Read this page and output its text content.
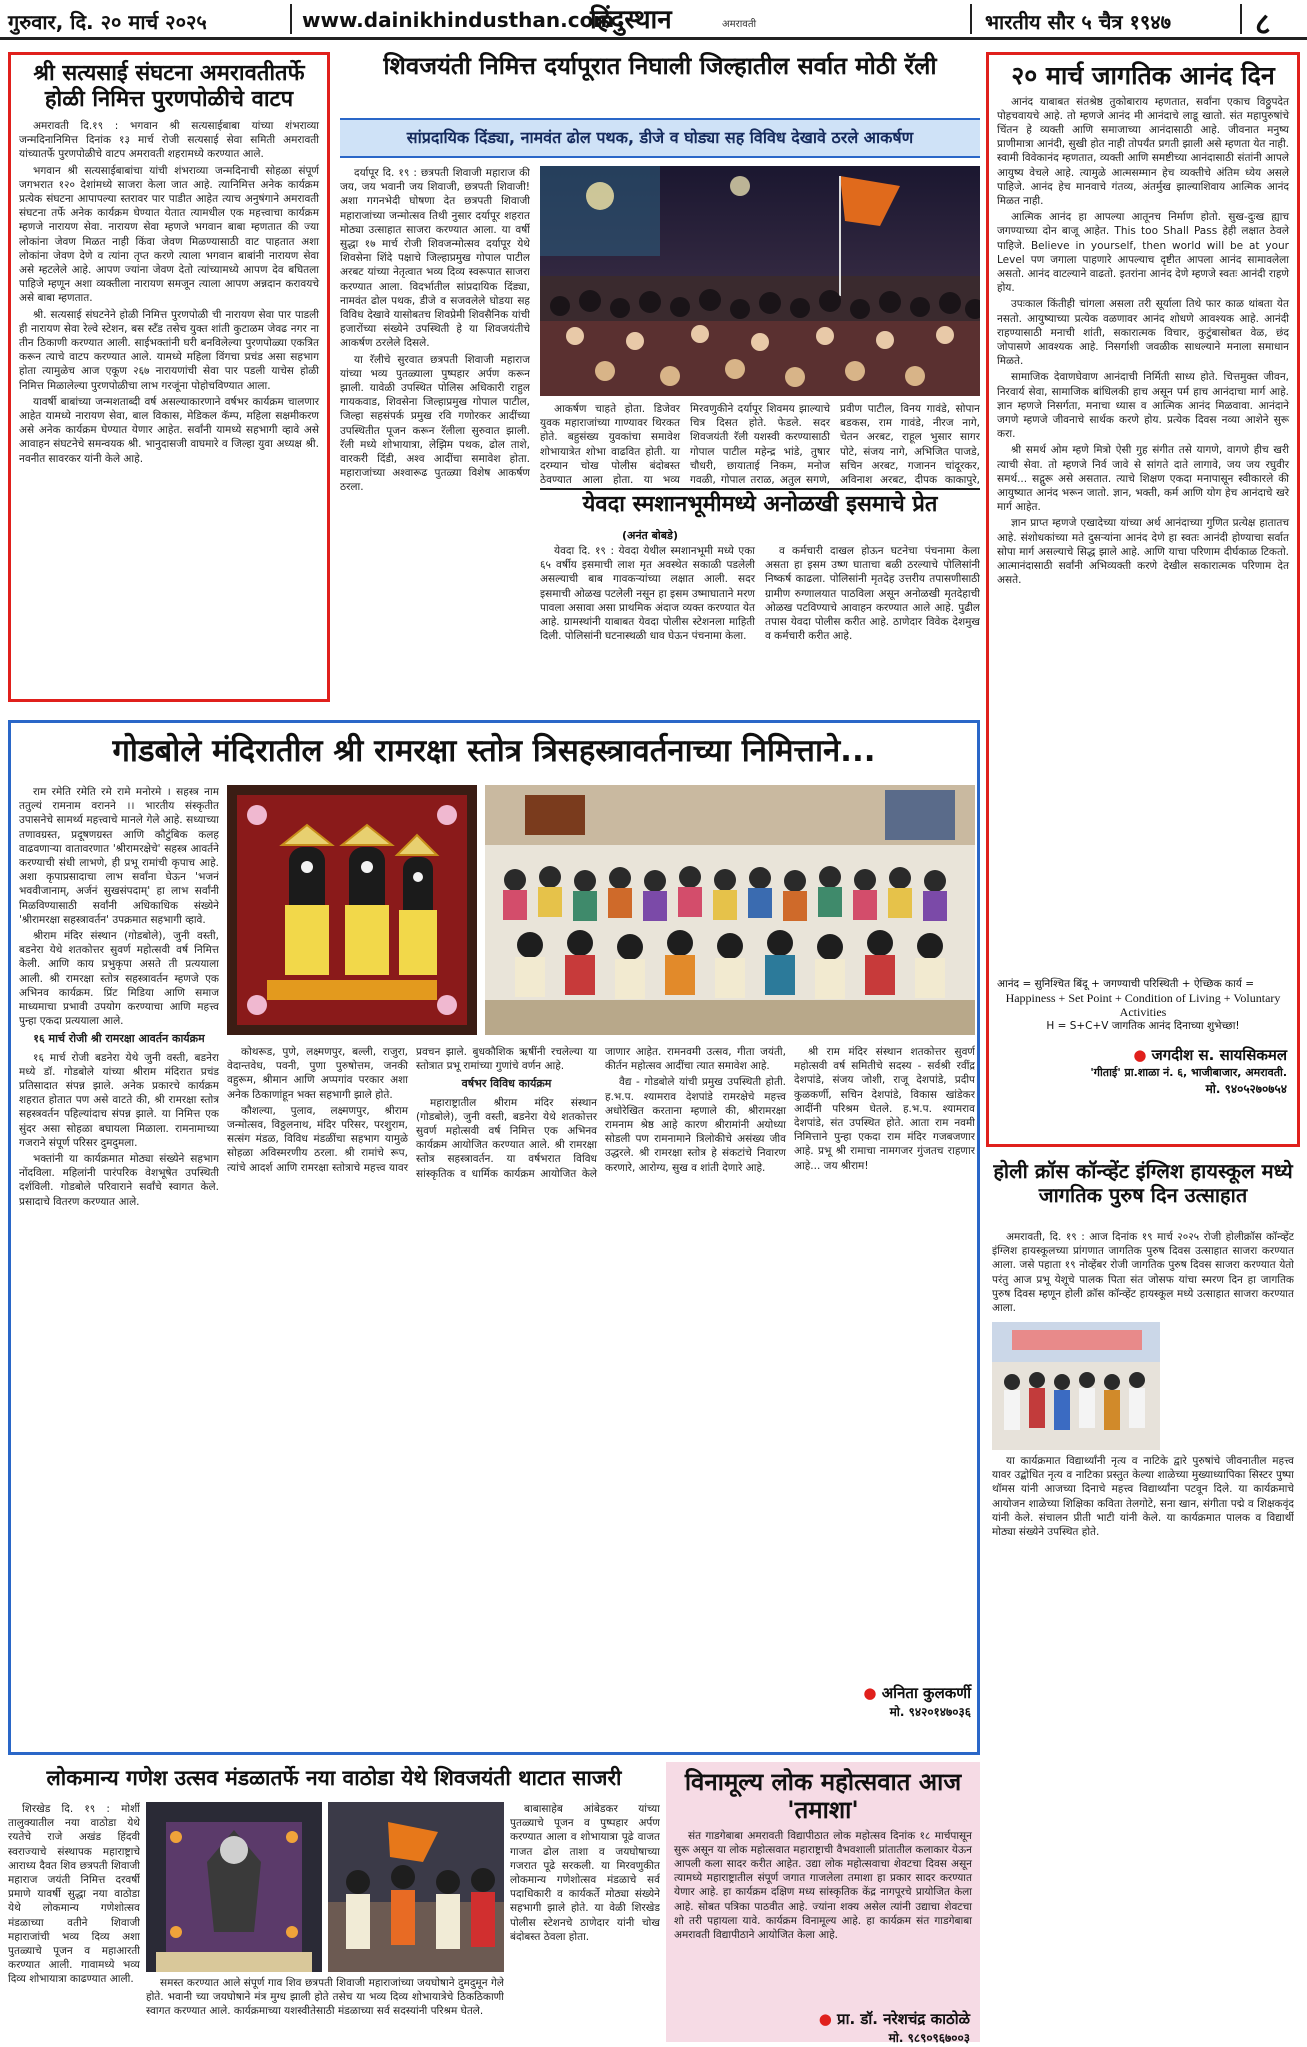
गुरुवार, दि. २० मार्च २०२५	www.dainikhindusthan.com
हिंदुस्थान	अमरावती	भारतीय सौर ५ चैत्र १९४७	८
श्री सत्यसाई संघटना अमरावतीतर्फे होळी निमित्त पुरणपोळीचे वाटप

अमरावती दि.१९ : भगवान श्री सत्यसाईबाबा यांच्या शंभराव्या जन्मदिनानिमित्त दिनांक १३ मार्च रोजी सत्यसाई सेवा समिती अमरावती यांच्यातर्फे पुरणपोळीचे वाटप अमरावती शहरामध्ये करण्यात आले.

भगवान श्री सत्यसाईबाबांचा यांची शंभराव्या जन्मदिनाची सोहळा संपूर्ण जगभरात १२० देशांमध्ये साजरा केला जात आहे. त्यानिमित्त अनेक कार्यक्रम प्रत्येक संघटना आपापल्या स्तरावर पार पाडीत आहेत त्याच अनुषंगाने अमरावती संघटना तर्फे अनेक कार्यक्रम घेण्यात येतात त्यामधील एक महत्त्वाचा कार्यक्रम म्हणजे नारायण सेवा. नारायण सेवा म्हणजे भगवान बाबा म्हणतात की ज्या लोकांना जेवण मिळत नाही किंवा जेवण मिळण्यासाठी वाट पाहतात अशा लोकांना जेवण देणे व त्यांना तृप्त करणे त्याला भगवान बाबांनी नारायण सेवा असे म्हटलेले आहे. आपण ज्यांना जेवण देतो त्यांच्यामध्ये आपण देव बघितला पाहिजे म्हणून अशा व्यक्तीला नारायण समजून त्याला आपण अन्नदान करावयचे असे बाबा म्हणतात.

श्री. सत्यसाई संघटनेने होळी निमित्त पुरणपोळी ची नारायण सेवा पार पाडली ही नारायण सेवा रेल्वे स्टेशन, बस स्टँड तसेच युक्त शांती कुटाळम जेवढ नगर ना तीन ठिकाणी करण्यात आली. साईभक्तांनी घरी बनविलेल्या पुरणपोळ्या एकत्रित करून त्याचे वाटप करण्यात आले. यामध्ये महिला विंगचा प्रचंड असा सहभाग होता त्यामुळेच आज एकूण २६७ नारायणांची सेवा पार पडली याचेस होळी निमित्त मिळालेल्या पुरणपोळीचा लाभ गरजूंना पोहोचविण्यात आला.

यावर्षी बाबांच्या जन्मशताब्दी वर्ष असल्याकारणाने वर्षभर कार्यक्रम चालणार आहेत यामध्ये नारायण सेवा, बाल विकास, मेडिकल कॅम्प, महिला सक्षमीकरण असे अनेक कार्यक्रम घेण्यात येणार आहेत. सर्वांनी यामध्ये सहभागी व्हावे असे आवाहन संघटनेचे समन्वयक श्री. भानुदासजी वाघमारे व जिल्हा युवा अध्यक्ष श्री. नवनीत सावरकर यांनी केले आहे.

शिवजयंती निमित्त दर्यापूरात निघाली जिल्हातील सर्वात मोठी रॅली
सांप्रदायिक दिंड्या, नामवंत ढोल पथक, डीजे व घोड्या सह विविध देखावे ठरले आकर्षण

दर्यापूर दि. १९ : छत्रपती शिवाजी महाराज की जय, जय भवानी जय शिवाजी, छत्रपती शिवाजी! अशा गगनभेदी घोषणा देत छत्रपती शिवाजी महाराजांच्या जन्मोत्सव तिथी नुसार दर्यापूर शहरात मोठ्या उत्साहात साजरा करण्यात आला. या वर्षी सुद्धा १७ मार्च रोजी शिवजन्मोत्सव दर्यापूर येथे शिवसेना शिंदे पक्षाचे जिल्हाप्रमुख गोपाल पाटील अरबट यांच्या नेतृत्वात भव्य दिव्य स्वरूपात साजरा करण्यात आला. विदर्भातील सांप्रदायिक दिंड्या, नामवंत ढोल पथक, डीजे व सजवलेले घोडया सह विविध देखावे यासोबतच शिवप्रेमी शिवसैनिक यांची हजारोंच्या संख्येने उपस्थिती हे या शिवजयंतीचे आकर्षण ठरलेले दिसले.

या रॅलीचे सुरवात छत्रपती शिवाजी महाराज यांच्या भव्य पुतळ्याला पुष्पहार अर्पण करून झाली. यावेळी उपस्थित पोलिस अधिकारी राहुल गायकवाड, शिवसेना जिल्हाप्रमुख गोपाल पाटील, जिल्हा सहसंपर्क प्रमुख रवि गणोरकर आदींच्या उपस्थितीत पूजन करून रॅलीला सुरुवात झाली. रॅली मध्ये शोभायात्रा, लेझिम पथक, ढोल ताशे, वारकरी दिंडी, अश्व आदींचा समावेश होता. महाराजांच्या अश्वारूढ पुतळ्या विशेष आकर्षण ठरला.

आकर्षण चाहते होता. डिजेवर युवक महाराजांच्या गाण्यावर थिरकत होते. बहुसंख्य युवकांचा समावेश शोभायात्रेत शोभा वाढवित होती. या दरम्यान चोख पोलीस बंदोबस्त ठेवण्यात आला होता. या भव्य मिरवणुकीने दर्यापूर शिवमय झाल्याचे चित्र दिसत होते. फेडले. सदर शिवजयंती रॅली यशस्वी करण्यासाठी गोपाल पाटील महेन्द्र भांडे, तुषार चौधरी, छायाताई निकम, मनोज गवळी, गोपाल तराळ, अतुल सगणे, प्रवीण पाटील, विनय गावंडे, सोपान बडकस, राम गावंडे, नीरज नागे, चेतन अरबट, राहूल भुसार सागर पोटे, संजय नागे, अभिजित पाजडे, सचिन अरबट, गजानन चांदूरकर, अविनाश अरबट, दीपक काकापुरे,

येवदा स्मशानभूमीमध्ये अनोळखी इसमाचे प्रेत
(अनंत बोबडे)

येवदा दि. १९ : येवदा येथील स्मशानभूमी मध्ये एका ६५ वर्षीय इसमाची लाश मृत अवस्थेत सकाळी पडलेली असल्याची बाब गावकऱ्यांच्या लक्षात आली. सदर इसमाची ओळख पटलेली नसून हा इसम उष्माघाताने मरण पावला असावा असा प्राथमिक अंदाज व्यक्त करण्यात येत आहे. ग्रामस्थांनी याबाबत येवदा पोलीस स्टेशनला माहिती दिली. पोलिसांनी घटनास्थळी धाव घेऊन पंचनामा केला.

व कर्मचारी दाखल होऊन घटनेचा पंचनामा केला असता हा इसम उष्ण घाताचा बळी ठरल्याचे पोलिसांनी निष्कर्ष काढला. पोलिसांनी मृतदेह उत्तरीय तपासणीसाठी ग्रामीण रुग्णालयात पाठविला असून अनोळखी मृतदेहाची ओळख पटविण्याचे आवाहन करण्यात आले आहे. पुढील तपास येवदा पोलीस करीत आहे. ठाणेदार विवेक देशमुख व कर्मचारी करीत आहे.

२० मार्च जागतिक आनंद दिन

आनंद याबाबत संतश्रेष्ठ तुकोबाराय म्हणतात, सर्वांना एकाच विठ्ठुपदेत पोहचवायचे आहे. तो म्हणजे आनंद मी आनंदाचे लाडू खातो. संत महापुरुषांचे चिंतन हे व्यक्ती आणि समाजाच्या आनंदासाठी आहे. जीवनात मनुष्य प्राणीमात्रा आनंदी, सुखी होत नाही तोपर्यंत प्रगती झाली असे म्हणता येत नाही. स्वामी विवेकानंद म्हणतात, व्यक्ती आणि समष्टीच्या आनंदासाठी संतांनी आपले आयुष्य वेचले आहे. त्यामुळे आत्मसम्मान हेच व्यक्तीचे अंतिम ध्येय असले पाहिजे. आनंद हेच मानवाचे गंतव्य, अंतर्मुख झाल्याशिवाय आत्मिक आनंद मिळत नाही.

आत्मिक आनंद हा आपल्या आतूनच निर्माण होतो. सुख-दुःख ह्याच जगण्याच्या दोन बाजू आहेत. This too Shall Pass हेही लक्षात ठेवले पाहिजे. Believe in yourself, then world will be at your Level पण जगाला पाहणारे आपल्याच दृष्टीत आपला आनंद सामावलेला असतो. आनंद वाटल्याने वाढतो. इतरांना आनंद देणे म्हणजे स्वतः आनंदी राहणे होय.

उपःकाल किंतीही चांगला असला तरी सूर्याला तिथे फार काळ थांबता येत नसतो. आयुष्याच्या प्रत्येक वळणावर आनंद शोधणे आवश्यक आहे. आनंदी राहण्यासाठी मनाची शांती, सकारात्मक विचार, कुटुंबासोबत वेळ, छंद जोपासणे आवश्यक आहे. निसर्गाशी जवळीक साधल्याने मनाला समाधान मिळते.

सामाजिक देवाणघेवाण आनंदाची निर्मिती साध्य होते. चित्तमुक्त जीवन, निरवार्य सेवा, सामाजिक बांधिलकी हाच असून पर्म हाच आनंदाचा मार्ग आहे. ज्ञान म्हणजे निसर्गता, मनाचा ध्यास व आत्मिक आनंद मिळवावा. आनंदाने जगणे म्हणजे जीवनाचे सार्थक करणे होय. प्रत्येक दिवस नव्या आशेने सुरू करा.

श्री समर्थ ओम म्हणे मित्रो ऐसी गुह संगीत तसे यागणे, वागणे हीच खरी त्याची सेवा. तो म्हणजे निर्व जावे से सांगते दाते लागावे, जय जय रघुवीर समर्थ... सद्गुरू असे असतात. त्याचे शिक्षण एकदा मनापासून स्वीकारले की आयुष्यात आनंद भरून जातो. ज्ञान, भक्ती, कर्म आणि योग हेच आनंदाचे खरे मार्ग आहेत.

ज्ञान प्राप्त म्हणजे एखादेच्या यांच्या अर्थ आनंदाच्या गुणित प्रत्येक्ष हातातच आहे. संशोधकांच्या मते दुसऱ्यांना आनंद देणे हा स्वतः आनंदी होण्याचा सर्वात सोपा मार्ग असल्याचे सिद्ध झाले आहे. आणि याचा परिणाम दीर्घकाळ टिकतो. आत्मानंदासाठी सर्वांनी अभिव्यक्ती करणे देखील सकारात्मक परिणाम देत असते.

आनंद = सुनिश्चित बिंदू + जगण्याची परिस्थिती + ऐच्छिक कार्य =
Happiness + Set Point + Condition of Living + Voluntary Activities
H = S+C+V जागतिक आनंद दिनाच्या शुभेच्छा!
● जगदीश स. सायसिकमल
'गीताई' प्रा.शाळा नं. ६, भाजीबाजार, अमरावती.
मो. ९४०५२७०७५४
गोडबोले मंदिरातील श्री रामरक्षा स्तोत्र त्रिसहस्त्रावर्तनाच्या निमित्ताने...

राम रमेति रमेति रमे रामे मनोरमे । सहस्त्र नाम ततुल्यं रामनाम वरानने ।। भारतीय संस्कृतीत उपासनेचे सामर्थ्य महत्त्वाचे मानले गेले आहे. सध्याच्या तणावग्रस्त, प्रदूषणग्रस्त आणि कौटुंबिक कलह वाढवणाऱ्या वातावरणात 'श्रीरामरक्षेचे' सहस्त्र आवर्तने करण्याची संधी लाभणे, ही प्रभू रामांची कृपाच आहे. अशा कृपाप्रसादाचा लाभ सर्वांना घेऊन 'भजनं भववीजानाम्, अर्जनं सुखसंपदाम्' हा लाभ सर्वांनी मिळविण्यासाठी सर्वांनी अधिकाधिक संख्येने 'श्रीरामरक्षा सहस्त्रावर्तन' उपक्रमात सहभागी व्हावे.

श्रीराम मंदिर संस्थान (गोडबोले), जुनी वस्ती, बडनेरा येथे शतकोत्तर सुवर्ण महोत्सवी वर्ष निमित्त केली. आणि काय प्रभुकृपा असते ती प्रत्ययाला आली. श्री रामरक्षा स्तोत्र सहस्त्रावर्तन म्हणजे एक अभिनव कार्यक्रम. प्रिंट मिडिया आणि समाज माध्यमाचा प्रभावी उपयोग करण्याचा आणि महत्त्व पुन्हा एकदा प्रत्ययाला आले.

१६ मार्च रोजी श्री रामरक्षा आवर्तन कार्यक्रम

१६ मार्च रोजी बडनेरा येथे जुनी वस्ती, बडनेरा मध्ये डॉ. गोडबोले यांच्या श्रीराम मंदिरात प्रचंड प्रतिसादात संपन्न झाले. अनेक प्रकारचे कार्यक्रम शहरात होतात पण असे वाटते की, श्री रामरक्षा स्तोत्र सहस्त्रवर्तन पहिल्यांदाच संपन्न झाले. या निमित्त एक सुंदर असा सोहळा बघायला मिळाला. रामनामाच्या गजराने संपूर्ण परिसर दुमदुमला.

भक्तांनी या कार्यक्रमात मोठ्या संख्येने सहभाग नोंदविला. महिलांनी पारंपरिक वेशभूषेत उपस्थिती दर्शविली. गोडबोले परिवाराने सर्वांचे स्वागत केले. प्रसादाचे वितरण करण्यात आले.

कोथरूड, पुणे, लक्ष्मणपुर, बल्ली, राजुरा, वेदान्तवेध, पवनी, पुणा पुरुषोत्तम, जनकी वहुरूम, श्रीमान आणि अप्पगांव परकार अशा अनेक ठिकाणांहून भक्त सहभागी झाले होते.

कौशल्या, पुलाव, लक्ष्मणपुर, श्रीराम जन्मोत्सव, विठ्ठलनाथ, मंदिर परिसर, परशुराम, सत्संग मंडळ, विविध मंडळींचा सहभाग यामुळे सोहळा अविस्मरणीय ठरला. श्री रामांचे रूप, त्यांचे आदर्श आणि रामरक्षा स्तोत्राचे महत्त्व यावर प्रवचन झाले. बुधकौशिक ऋषींनी रचलेल्या या स्तोत्रात प्रभू रामांच्या गुणांचे वर्णन आहे.

वर्षभर विविध कार्यक्रम

महाराष्ट्रातील श्रीराम मंदिर संस्थान (गोडबोले), जुनी वस्ती, बडनेरा येथे शतकोत्तर सुवर्ण महोत्सवी वर्ष निमित्त एक अभिनव कार्यक्रम आयोजित करण्यात आले. श्री रामरक्षा स्तोत्र सहस्त्रावर्तन. या वर्षभरात विविध सांस्कृतिक व धार्मिक कार्यक्रम आयोजित केले जाणार आहेत. रामनवमी उत्सव, गीता जयंती, कीर्तन महोत्सव आदींचा त्यात समावेश आहे.

वैद्य - गोडबोले यांची प्रमुख उपस्थिती होती. ह.भ.प. श्यामराव देशपांडे रामरक्षेचे महत्त्व अधोरेखित करताना म्हणाले की, श्रीरामरक्षा रामनाम श्रेष्ठ आहे कारण श्रीरामांनी अयोध्या सोडली पण रामनामाने त्रिलोकीचे असंख्य जीव उद्धरले. श्री रामरक्षा स्तोत्र हे संकटांचे निवारण करणारे, आरोग्य, सुख व शांती देणारे आहे.

श्री राम मंदिर संस्थान शतकोत्तर सुवर्ण महोत्सवी वर्ष समितीचे सदस्य - सर्वश्री रवींद्र देशपांडे, संजय जोशी, राजू देशपांडे, प्रदीप कुळकर्णी, सचिन देशपांडे, विकास खांडेकर आदींनी परिश्रम घेतले. ह.भ.प. श्यामराव देशपांडे, संत उपस्थित होते. आता राम नवमी निमित्ताने पुन्हा एकदा राम मंदिर गजबजणार आहे. प्रभू श्री रामाचा नामगजर गुंजतच राहणार आहे... जय श्रीराम!

● अनिता कुलकर्णी
मो. ९४२०१४७०३६
होली क्रॉस कॉन्व्हेंट इंग्लिश हायस्कूल मध्ये जागतिक पुरुष दिन उत्साहात

अमरावती, दि. १९ : आज दिनांक १९ मार्च २०२५ रोजी होलीक्रॉस कॉन्व्हेंट इंग्लिश हायस्कूलच्या प्रांगणात जागतिक पुरुष दिवस उत्साहात साजरा करण्यात आला. जसे पहाता १९ नोव्हेंबर रोजी जागतिक पुरुष दिवस साजरा करण्यात येतो परंतु आज प्रभू येशूचे पालक पिता संत जोसफ यांचा स्मरण दिन हा जागतिक पुरुष दिवस म्हणून होली क्रॉस कॉन्व्हेंट हायस्कूल मध्ये उत्साहात साजरा करण्यात आला.

या कार्यक्रमात विद्यार्थ्यांनी नृत्य व नाटिके द्वारे पुरुषांचे जीवनातील महत्त्व यावर उद्बोधित नृत्य व नाटिका प्रस्तुत केल्या शाळेच्या मुख्याध्यापिका सिस्टर पुष्पा थॉमस यांनी आजच्या दिनाचे महत्त्व विद्यार्थ्यांना पटवून दिले. या कार्यक्रमाचे आयोजन शाळेच्या शिक्षिका कविता तेलगोटे, सना खान, संगीता पद्मे व शिक्षकवृंद यांनी केले. संचालन प्रीती भाटी यांनी केले. या कार्यक्रमात पालक व विद्यार्थी मोठ्या संख्येने उपस्थित होते.

लोकमान्य गणेश उत्सव मंडळातर्फे नया वाठोडा येथे शिवजयंती थाटात साजरी

शिरखेड दि. १९ : मोर्शी तालुक्यातील नया वाठोडा येथे रयतेचे राजे अखंड हिंदवी स्वराज्याचे संस्थापक महाराष्ट्राचे आराध्य दैवत शिव छत्रपती शिवाजी महाराज जयंती निमित्त दरवर्षी प्रमाणे यावर्षी सुद्धा नया वाठोडा येथे लोकमान्य गणेशोत्सव मंडळाच्या वतीने शिवाजी महाराजांची भव्य दिव्य अशा पुतळ्याचे पूजन व महाआरती करण्यात आली. गावामध्ये भव्य दिव्य शोभायात्रा काढण्यात आली.	समस्त करण्यात आले संपूर्ण गाव शिव छत्रपती शिवाजी महाराजांच्या जयघोषाने दुमदुमून गेले होते. भवानी च्या जयघोषाने मंत्र मुग्ध झाली होते तसेच या भव्य दिव्य शोभायात्रेचे ठिकठिकाणी स्वागत करण्यात आले. कार्यक्रमाच्या यशस्वीतेसाठी मंडळाच्या सर्व सदस्यांनी परिश्रम घेतले.

बाबासाहेब आंबेडकर यांच्या पुतळ्याचे पूजन व पुष्पहार अर्पण करण्यात आला व शोभायात्रा पूढे वाजत गाजत ढोल ताशा व जयघोषाच्या गजरात पूढे सरकली. या मिरवणुकीत लोकमान्य गणेशोत्सव मंडळाचे सर्व पदाधिकारी व कार्यकर्ते मोठ्या संख्येने सहभागी झाले होते. या वेळी शिरखेड पोलीस स्टेशनचे ठाणेदार यांनी चोख बंदोबस्त ठेवला होता.

विनामूल्य लोक महोत्सवात आज 'तमाशा'

संत गाडगेबाबा अमरावती विद्यापीठात लोक महोत्सव दिनांक १८ मार्चपासून सुरू असून या लोक महोत्सवात महाराष्ट्राची वैभवशाली प्रांतातील कलाकार येऊन आपली कला सादर करीत आहेत. उद्या लोक महोत्सवाचा शेवटचा दिवस असून त्यामध्ये महाराष्ट्रातील संपूर्ण जगात गाजलेला तमाशा हा प्रकार सादर करण्यात येणार आहे. हा कार्यक्रम दक्षिण मध्य सांस्कृतिक केंद्र नागपूरचे प्रायोजित केला आहे. सोबत पत्रिका पाठवीत आहे. ज्यांना शक्य असेल त्यांनी उद्याचा शेवटचा शो तरी पहायला यावे. कार्यक्रम विनामूल्य आहे. हा कार्यक्रम संत गाडगेबाबा अमरावती विद्यापीठाने आयोजित केला आहे.

● प्रा. डॉ. नरेशचंद्र काठोळे
मो. ९८९०९६७००३
